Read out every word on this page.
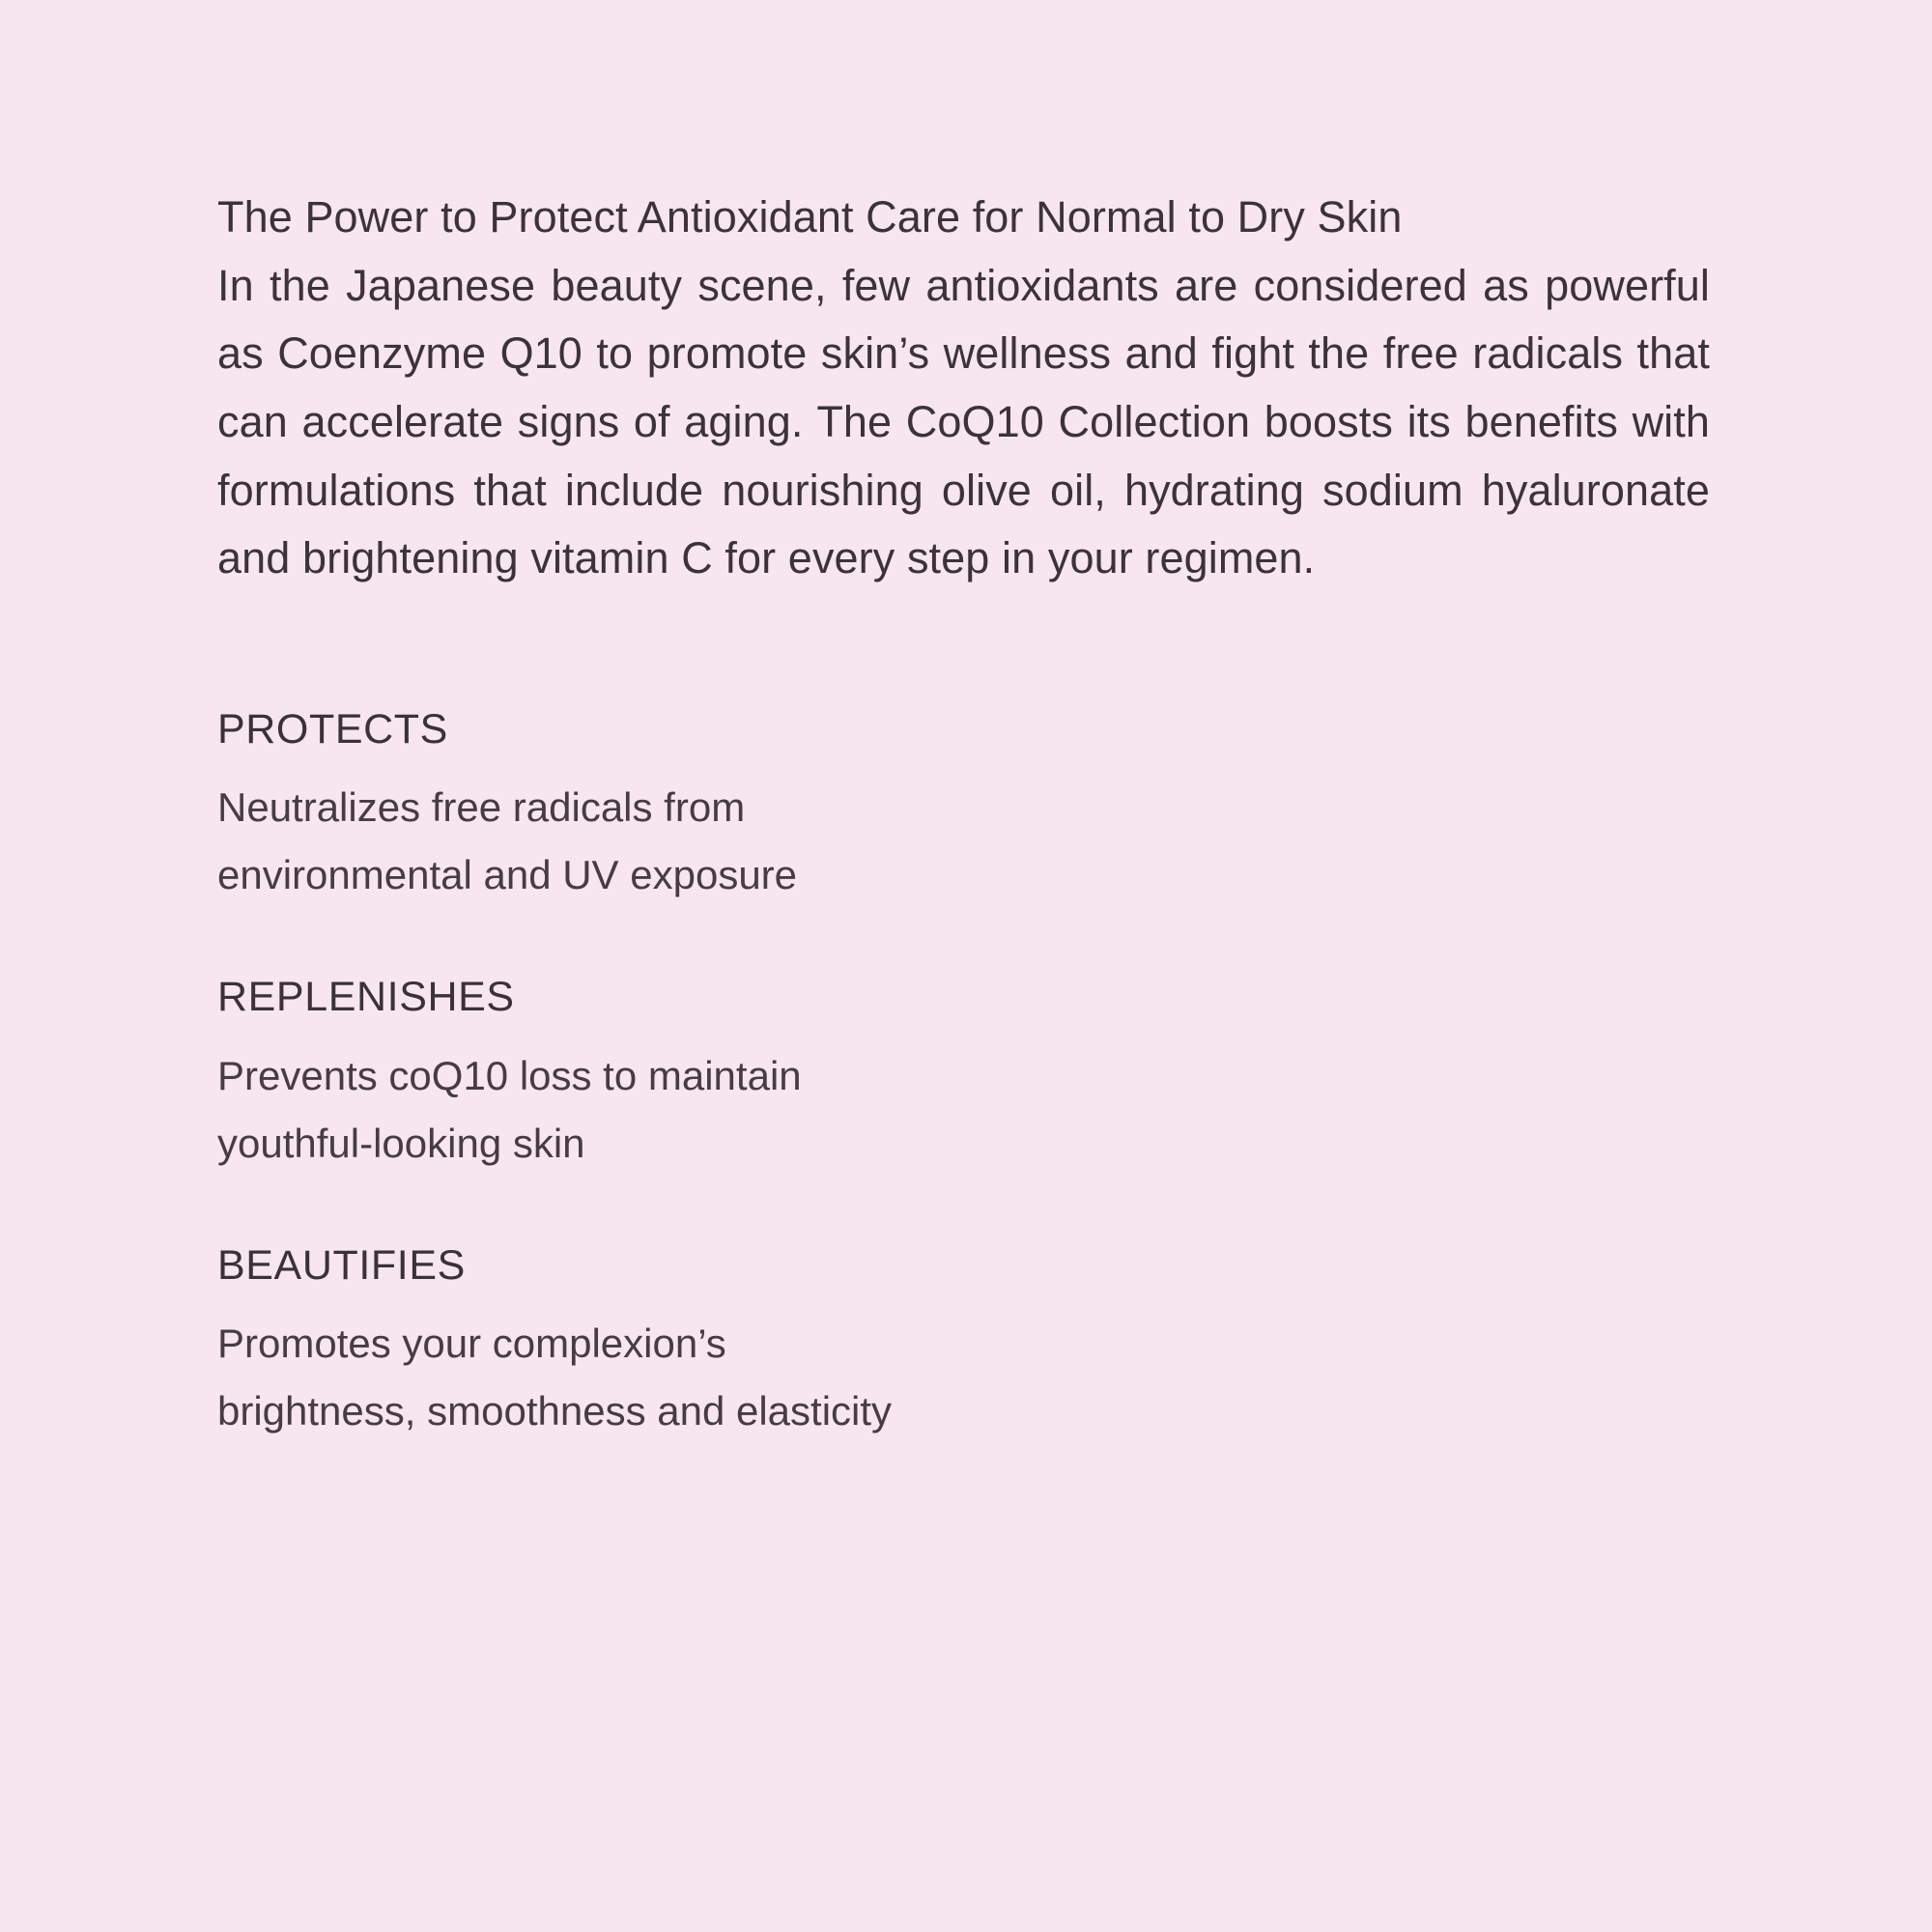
The Power to Protect Antioxidant Care for Normal to Dry Skin
In the Japanese beauty scene, few antioxidants are considered as powerful as Coenzyme Q10 to promote skin’s wellness and fight the free radicals that can accelerate signs of aging. The CoQ10 Collection boosts its benefits with formulations that include nourishing olive oil, hydrating sodium hyaluronate and brightening vitamin C for every step in your regimen.

PROTECTS

Neutralizes free radicals from
environmental and UV exposure

REPLENISHES

Prevents coQ10 loss to maintain
youthful-looking skin

BEAUTIFIES

Promotes your complexion’s
brightness, smoothness and elasticity
